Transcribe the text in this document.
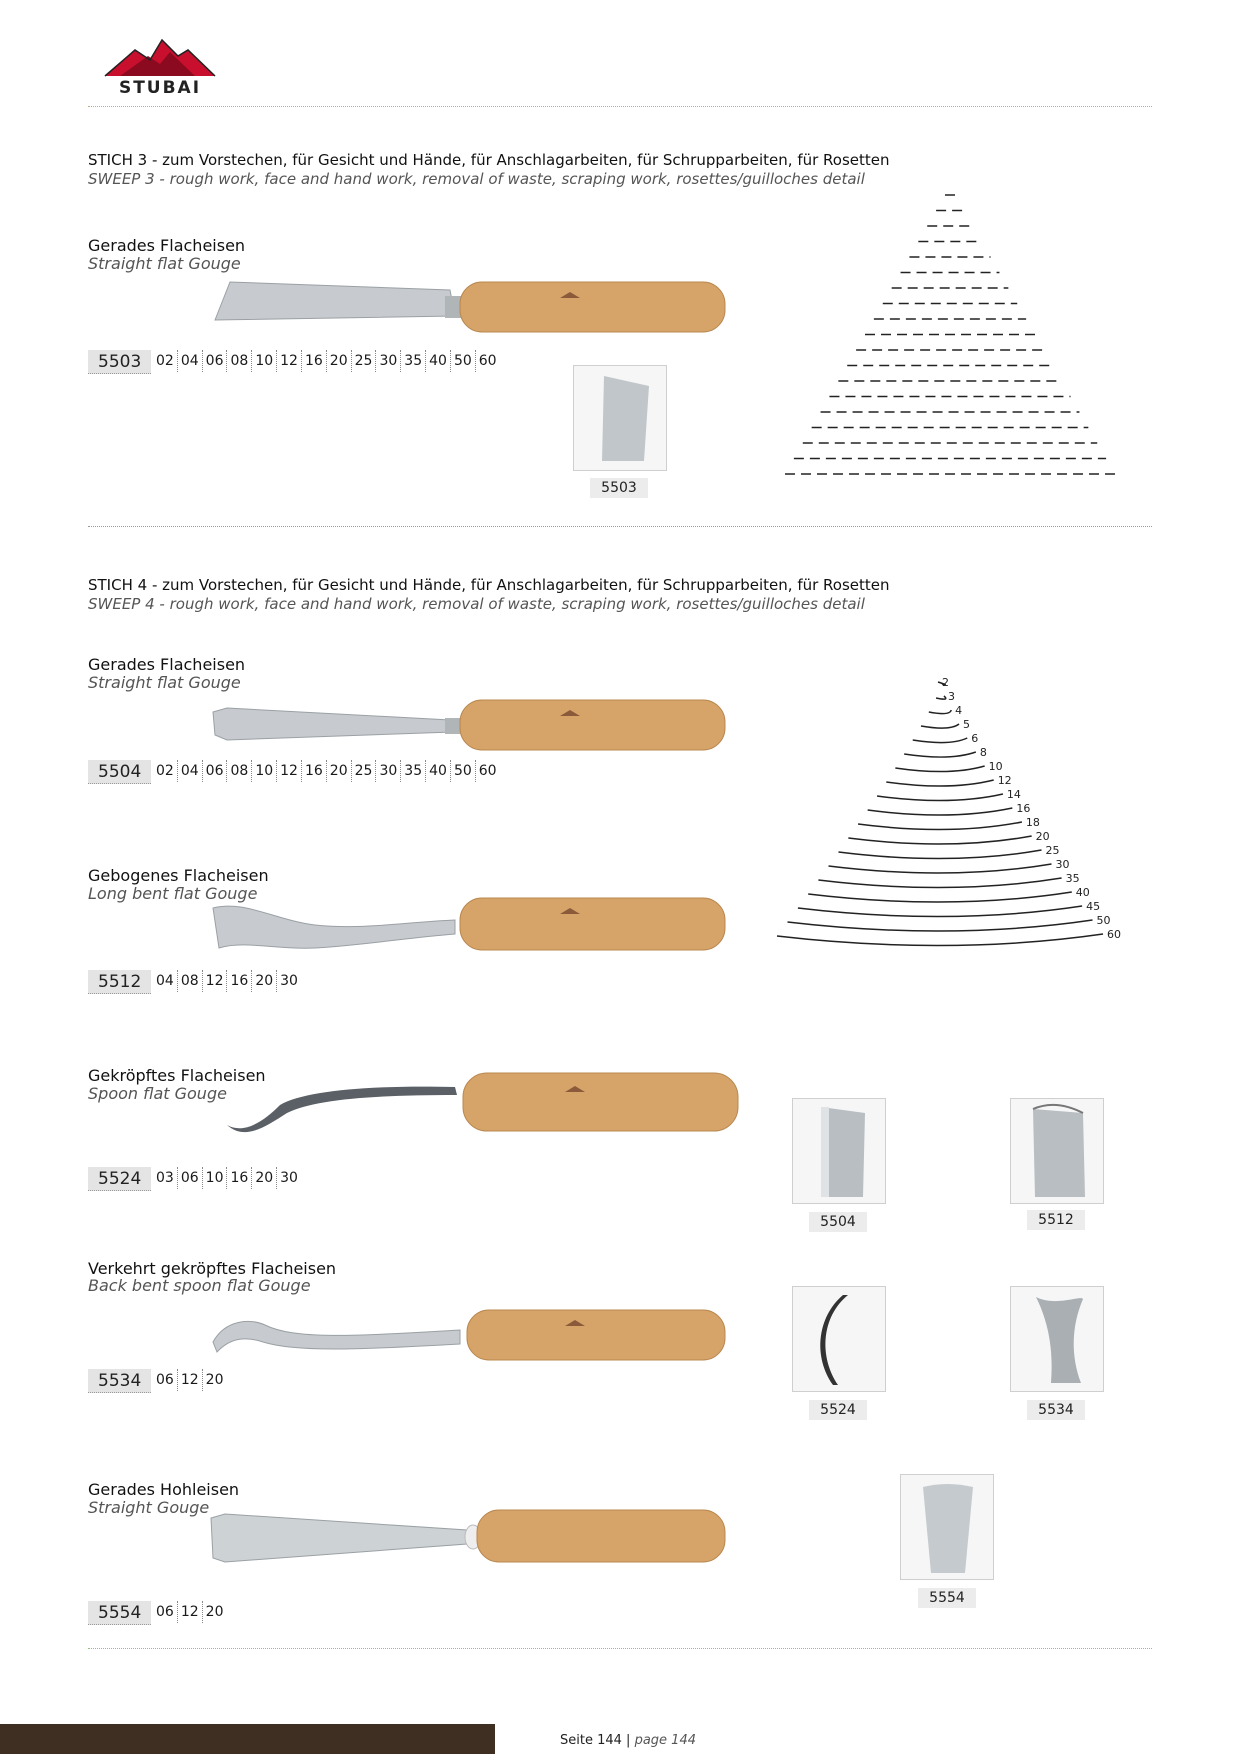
STUBAI
STICH 3 - zum Vorstechen, für Gesicht und Hände, für Anschlagarbeiten, für Schrupparbeiten, für Rosetten
SWEEP 3 - rough work, face and hand work, removal of waste, scraping work, rosettes/guilloches detail
Gerades Flacheisen
Straight flat Gouge
5503	02 04 06 08 10 12 16 20 25 30 35 40 50 60
5503
STICH 4 - zum Vorstechen, für Gesicht und Hände, für Anschlagarbeiten, für Schrupparbeiten, für Rosetten
SWEEP 4 - rough work, face and hand work, removal of waste, scraping work, rosettes/guilloches detail
Gerades Flacheisen
Straight flat Gouge
5504	02 04 06 08 10 12 16 20 25 30 35 40 50 60
Gebogenes Flacheisen
Long bent flat Gouge
5512	04 08 12 16 20 30
2
3
4
5
6
8
10
12
14
16
18
20
25
30
35
40
45
50
60
Gekröpftes Flacheisen
Spoon flat Gouge
5524	03 06 10 16 20 30
5504	5512
Verkehrt gekröpftes Flacheisen
Back bent spoon flat Gouge
5534	06 12 20
5524	5534
Gerades Hohleisen
Straight Gouge
5554	06 12 20
5554
Seite 144 | page 144
